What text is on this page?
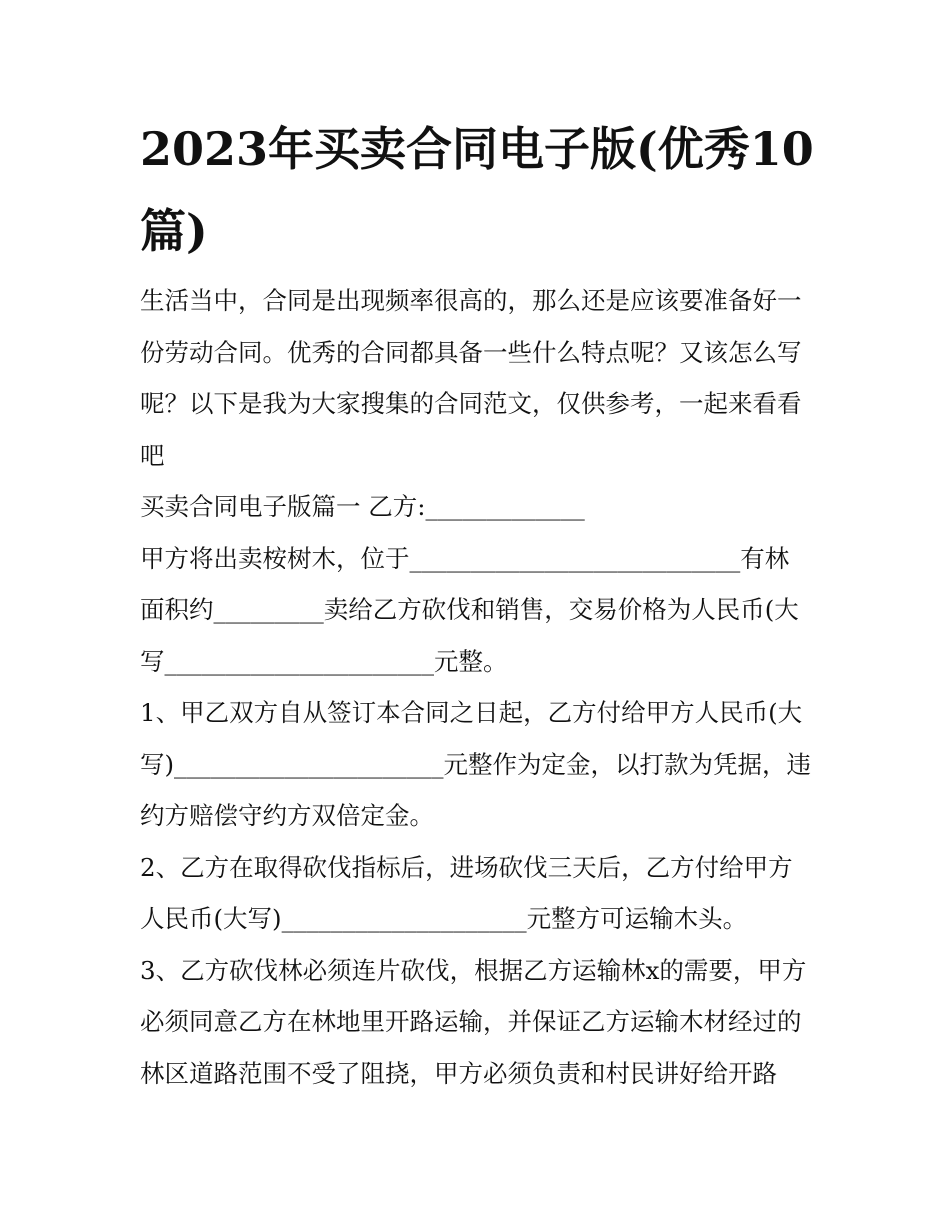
2023年买卖合同电子版(优秀10篇)

生活当中，合同是出现频率很高的，那么还是应该要准备好一份劳动合同。优秀的合同都具备一些什么特点呢？又该怎么写呢？以下是我为大家搜集的合同范文，仅供参考，一起来看看吧

买卖合同电子版篇一 乙方:_____________

甲方将出卖桉树木，位于___________________________有林面积约_________卖给乙方砍伐和销售，交易价格为人民币(大写______________________元整。

1、甲乙双方自从签订本合同之日起，乙方付给甲方人民币(大写)______________________元整作为定金，以打款为凭据，违约方赔偿守约方双倍定金。

2、乙方在取得砍伐指标后，进场砍伐三天后，乙方付给甲方人民币(大写)____________________元整方可运输木头。

3、乙方砍伐林必须连片砍伐，根据乙方运输林x的需要，甲方必须同意乙方在林地里开路运输，并保证乙方运输木材经过的林区道路范围不受了阻挠，甲方必须负责和村民讲好给开路
